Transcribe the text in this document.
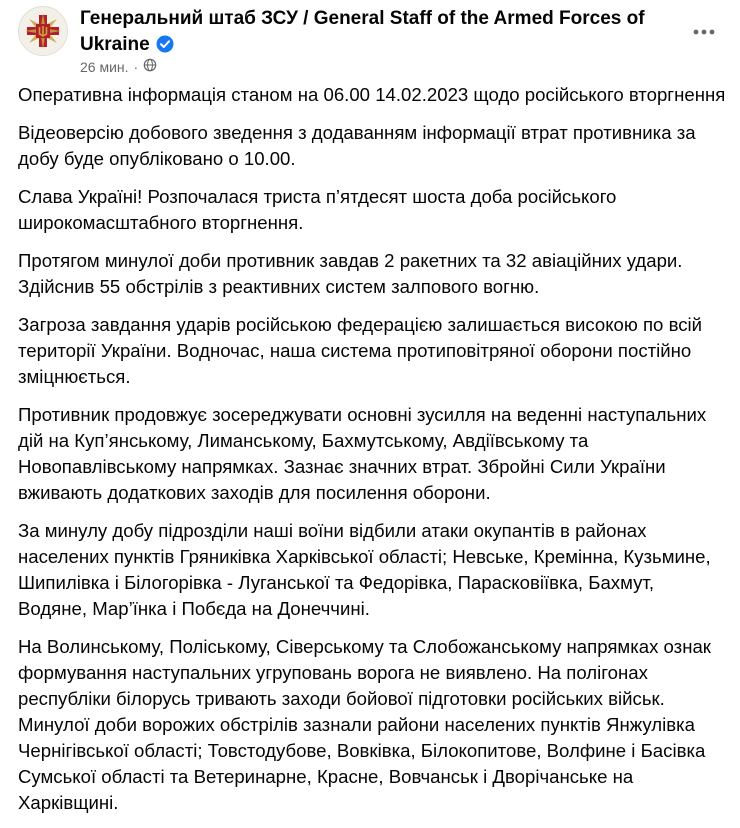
Генеральний штаб ЗСУ / General Staff of the Armed Forces of Ukraine
26 мин. ·

Оперативна інформація станом на 06.00 14.02.2023 щодо російського вторгнення

Відеоверсію добового зведення з додаванням інформації втрат противника за добу буде опубліковано о 10.00.

Слава Україні! Розпочалася триста п’ятдесят шоста доба російського широкомасштабного вторгнення.

Протягом минулої доби противник завдав 2 ракетних та 32 авіаційних удари. Здійснив 55 обстрілів з реактивних систем залпового вогню.

Загроза завдання ударів російською федерацією залишається високою по всій території України. Водночас, наша система протиповітряної оборони постійно зміцнюється.

Противник продовжує зосереджувати основні зусилля на веденні наступальних дій на Куп’янському, Лиманському, Бахмутському, Авдіївському та Новопавлівському напрямках. Зазнає значних втрат. Збройні Сили України вживають додаткових заходів для посилення оборони.

За минулу добу підрозділи наші воїни відбили атаки окупантів в районах населених пунктів Гряниківка Харківської області; Невське, Кремінна, Кузьмине, Шипилівка і Білогорівка - Луганської та Федорівка, Парасковіївка, Бахмут, Водяне, Мар’їнка і Побєда на Донеччині.

На Волинському, Поліському, Сіверському та Слобожанському напрямках ознак формування наступальних угруповань ворога не виявлено. На полігонах республіки білорусь тривають заходи бойової підготовки російських військ. Минулої доби ворожих обстрілів зазнали райони населених пунктів Янжулівка Чернігівської області; Товстодубове, Вовківка, Білокопитове, Волфине і Басівка Сумської області та Ветеринарне, Красне, Вовчанськ і Дворічанське на Харківщині.
